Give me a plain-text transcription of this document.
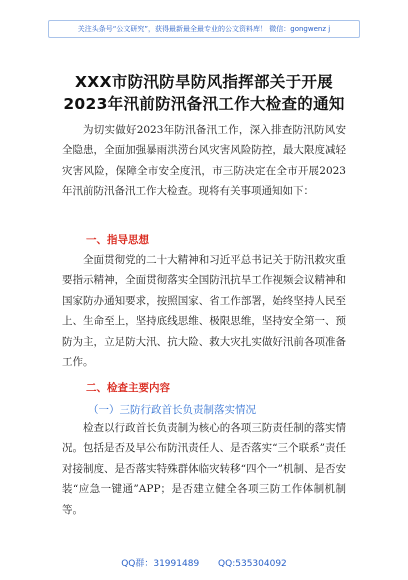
关注头条号“公文研究”，获得最新最全最专业的公文资料库！ 微信：gongwenz j
XXX市防汛防旱防风指挥部关于开展
2023年汛前防汛备汛工作大检查的通知

为切实做好2023年防汛备汛工作，深入排查防汛防风安全隐患，全面加强暴雨洪涝台风灾害风险防控，最大限度减轻灾害风险，保障全市安全度汛，市三防决定在全市开展2023年汛前防汛备汛工作大检查。现将有关事项通知如下：

一、指导思想

全面贯彻党的二十大精神和习近平总书记关于防汛救灾重要指示精神，全面贯彻落实全国防汛抗旱工作视频会议精神和国家防办通知要求，按照国家、省工作部署，始终坚持人民至上、生命至上，坚持底线思维、极限思维，坚持安全第一、预防为主，立足防大汛、抗大险、救大灾扎实做好汛前各项准备工作。

二、检查主要内容
（一）三防行政首长负责制落实情况

检查以行政首长负责制为核心的各项三防责任制的落实情况。包括是否及早公布防汛责任人、是否落实“三个联系”责任对接制度、是否落实特殊群体临灾转移“四个一”机制、是否安装“应急一键通”APP；是否建立健全各项三防工作体制机制等。

QQ群：31991489 QQ:535304092
